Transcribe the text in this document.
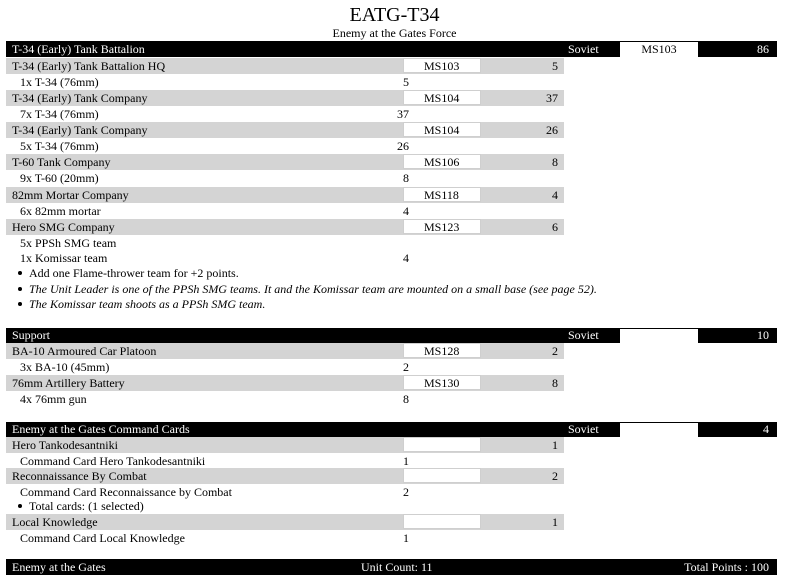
EATG-T34
Enemy at the Gates Force
T-34 (Early) Tank Battalion	Soviet	MS103	86
T-34 (Early) Tank Battalion HQ	MS103	5
1x T-34 (76mm)	5
T-34 (Early) Tank Company	MS104	37
7x T-34 (76mm)	37
T-34 (Early) Tank Company	MS104	26
5x T-34 (76mm)	26
T-60 Tank Company	MS106	8
9x T-60 (20mm)	8
82mm Mortar Company	MS118	4
6x 82mm mortar	4
Hero SMG Company	MS123	6
5x PPSh SMG team
1x Komissar team	4
Add one Flame-thrower team for +2 points.
The Unit Leader is one of the PPSh SMG teams. It and the Komissar team are mounted on a small base (see page 52).
The Komissar team shoots as a PPSh SMG team.
Support	Soviet	10
BA-10 Armoured Car Platoon	MS128	2
3x BA-10 (45mm)	2
76mm Artillery Battery	MS130	8
4x 76mm gun	8
Enemy at the Gates Command Cards	Soviet	4
Hero Tankodesantniki	1
Command Card Hero Tankodesantniki	1
Reconnaissance By Combat	2
Command Card Reconnaissance by Combat	2
Total cards: (1 selected)
Local Knowledge	1
Command Card Local Knowledge	1
Enemy at the Gates	Unit Count: 11	Total Points : 100
